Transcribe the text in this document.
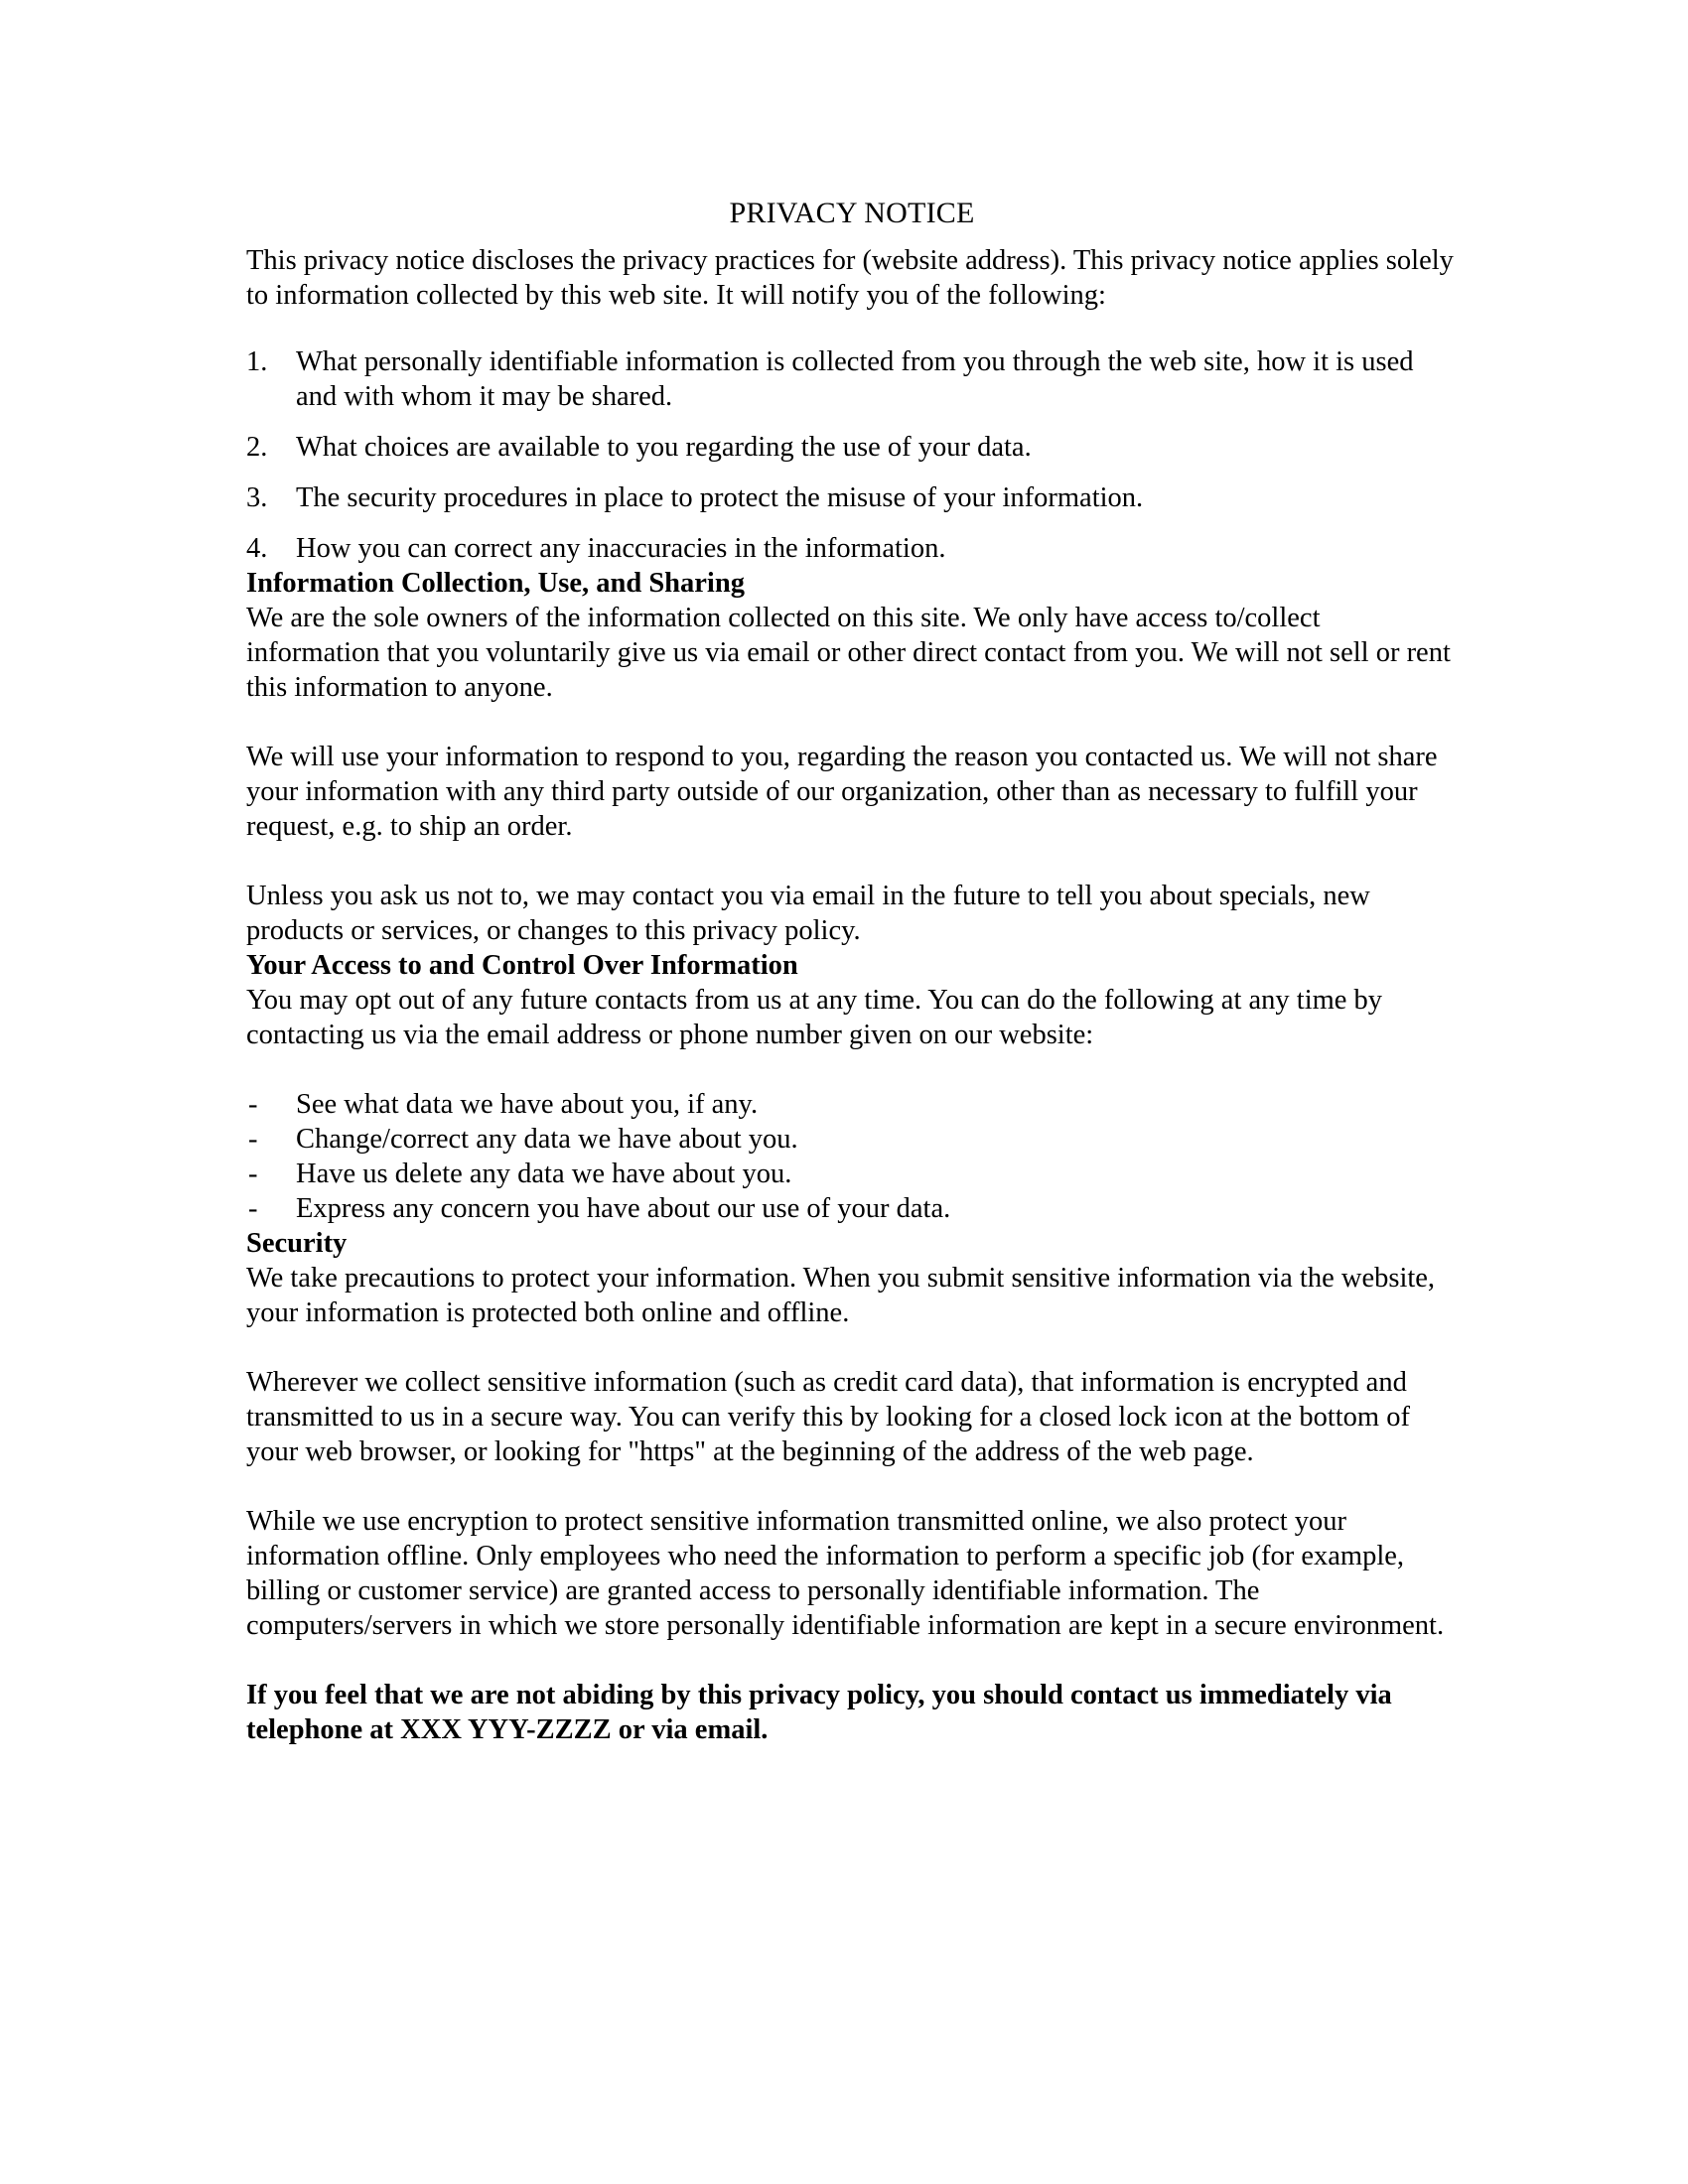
PRIVACY NOTICE

This privacy notice discloses the privacy practices for (website address). This privacy notice applies solely to information collected by this web site. It will notify you of the following:

1. What personally identifiable information is collected from you through the web site, how it is used and with whom it may be shared.
2. What choices are available to you regarding the use of your data.
3. The security procedures in place to protect the misuse of your information.
4. How you can correct any inaccuracies in the information.

Information Collection, Use, and Sharing

We are the sole owners of the information collected on this site. We only have access to/collect information that you voluntarily give us via email or other direct contact from you. We will not sell or rent this information to anyone.

We will use your information to respond to you, regarding the reason you contacted us. We will not share your information with any third party outside of our organization, other than as necessary to fulfill your request, e.g. to ship an order.

Unless you ask us not to, we may contact you via email in the future to tell you about specials, new products or services, or changes to this privacy policy.

Your Access to and Control Over Information

You may opt out of any future contacts from us at any time. You can do the following at any time by contacting us via the email address or phone number given on our website:

- See what data we have about you, if any.
- Change/correct any data we have about you.
- Have us delete any data we have about you.
- Express any concern you have about our use of your data.

Security

We take precautions to protect your information. When you submit sensitive information via the website, your information is protected both online and offline.

Wherever we collect sensitive information (such as credit card data), that information is encrypted and transmitted to us in a secure way. You can verify this by looking for a closed lock icon at the bottom of your web browser, or looking for "https" at the beginning of the address of the web page.

While we use encryption to protect sensitive information transmitted online, we also protect your information offline. Only employees who need the information to perform a specific job (for example, billing or customer service) are granted access to personally identifiable information. The computers/servers in which we store personally identifiable information are kept in a secure environment.

If you feel that we are not abiding by this privacy policy, you should contact us immediately via telephone at XXX YYY-ZZZZ or via email.
